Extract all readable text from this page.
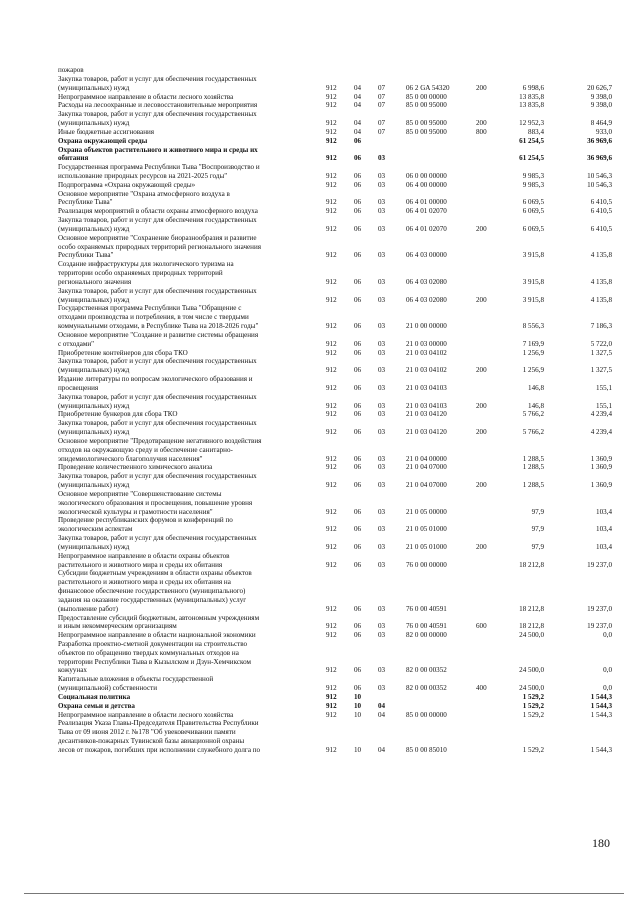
пожаров
Закупка товаров, работ и услуг для обеспечения государственных
(муниципальных) нужд	912 04 07	06 2 GA 54320	200	6 998,6	20 626,7
Непрограммное направление в области лесного хозяйства	912 04 07	85 0 00 00000	13 835,8	9 398,0
Расходы на лесоохранные и лесовосстановительные мероприятия	912 04 07	85 0 00 95000	13 835,8	9 398,0
Закупка товаров, работ и услуг для обеспечения государственных
(муниципальных) нужд	912 04 07	85 0 00 95000	200	12 952,3	8 464,9
Иные бюджетные ассигнования	912 04 07	85 0 00 95000	800	883,4	933,0
Охрана окружающей среды	912 06	61 254,5	36 969,6
Охрана объектов растительного и животного мира и среды их
обитания	912 06 03	61 254,5	36 969,6
Государственная программа Республики Тыва "Воспроизводство и
использование природных ресурсов на 2021-2025 годы"	912 06 03	06 0 00 00000	9 985,3	10 546,3
Подпрограмма «Охрана окружающей среды»	912 06 03	06 4 00 00000	9 985,3	10 546,3
Основное мероприятие "Охрана атмосферного воздуха в
Республике Тыва"	912 06 03	06 4 01 00000	6 069,5	6 410,5
Реализация мероприятий в области охраны атмосферного воздуха	912 06 03	06 4 01 02070	6 069,5	6 410,5
Закупка товаров, работ и услуг для обеспечения государственных
(муниципальных) нужд	912 06 03	06 4 01 02070	200	6 069,5	6 410,5
Основное мероприятие "Сохранение биоразнообразия и развитие
особо охраняемых природных территорий регионального значения
Республики Тыва"	912 06 03	06 4 03 00000	3 915,8	4 135,8
Создание инфраструктуры для экологического туризма на
территории особо охраняемых природных территорий
регионального значения	912 06 03	06 4 03 02080	3 915,8	4 135,8
Закупка товаров, работ и услуг для обеспечения государственных
(муниципальных) нужд	912 06 03	06 4 03 02080	200	3 915,8	4 135,8
Государственная программа Республики Тыва "Обращение с
отходами производства и потребления, в том числе с твердыми
коммунальными отходами, в Республике Тыва на 2018-2026 годы"	912 06 03	21 0 00 00000	8 556,3	7 186,3
Основное мероприятие "Создание и развитие системы обращения
с отходами"	912 06 03	21 0 03 00000	7 169,9	5 722,0
Приобретение контейнеров для сбора ТКО	912 06 03	21 0 03 04102	1 256,9	1 327,5
Закупка товаров, работ и услуг для обеспечения государственных
(муниципальных) нужд	912 06 03	21 0 03 04102	200	1 256,9	1 327,5
Издание литературы по вопросам экологического образования и
просвещения	912 06 03	21 0 03 04103	146,8	155,1
Закупка товаров, работ и услуг для обеспечения государственных
(муниципальных) нужд	912 06 03	21 0 03 04103	200	146,8	155,1
Приобретение бункеров для сбора ТКО	912 06 03	21 0 03 04120	5 766,2	4 239,4
Закупка товаров, работ и услуг для обеспечения государственных
(муниципальных) нужд	912 06 03	21 0 03 04120	200	5 766,2	4 239,4
Основное мероприятие "Предотвращение негативного воздействия
отходов на окружающую среду и обеспечение санитарно-
эпидемиологического благополучия населения"	912 06 03	21 0 04 00000	1 288,5	1 360,9
Проведение количественного химического анализа	912 06 03	21 0 04 07000	1 288,5	1 360,9
Закупка товаров, работ и услуг для обеспечения государственных
(муниципальных) нужд	912 06 03	21 0 04 07000	200	1 288,5	1 360,9
Основное мероприятие "Совершенствование системы
экологического образования и просвещения, повышение уровня
экологической культуры и грамотности населения"	912 06 03	21 0 05 00000	97,9	103,4
Проведение республиканских форумов и конференций по
экологическим аспектам	912 06 03	21 0 05 01000	97,9	103,4
Закупка товаров, работ и услуг для обеспечения государственных
(муниципальных) нужд	912 06 03	21 0 05 01000	200	97,9	103,4
Непрограммное направление в области охраны объектов
растительного и животного мира и среды их обитания	912 06 03	76 0 00 00000	18 212,8	19 237,0
Субсидии бюджетным учреждениям в области охраны объектов
растительного и животного мира и среды их обитания на
финансовое обеспечение государственного (муниципального)
задания на оказание государственных (муниципальных) услуг
(выполнение работ)	912 06 03	76 0 00 40591	18 212,8	19 237,0
Предоставление субсидий бюджетным, автономным учреждениям
и иным некоммерческим организациям	912 06 03	76 0 00 40591	600	18 212,8	19 237,0
Непрограммное направление в области национальной экономики	912 06 03	82 0 00 00000	24 500,0	0,0
Разработка проектно-сметной документации на строительство
объектов по обращению твердых коммунальных отходов на
территории Республики Тыва в Кызылском и Дзун-Хемчикском
кожуунах	912 06 03	82 0 00 00352	24 500,0	0,0
Капитальные вложения в объекты государственной
(муниципальной) собственности	912 06 03	82 0 00 00352	400	24 500,0	0,0
Социальная политика	912 10	1 529,2	1 544,3
Охрана семьи и детства	912 10 04	1 529,2	1 544,3
Непрограммное направление в области лесного хозяйства	912 10 04	85 0 00 00000	1 529,2	1 544,3
Реализация Указа Главы-Председателя Правительства Республики
Тыва от 09 июня 2012 г. №178 "Об увековечивании памяти
десантников-пожарных Тувинской базы авиационной охраны
лесов от пожаров, погибших при исполнении служебного долга по	912 10 04	85 0 00 85010	1 529,2	1 544,3
180
